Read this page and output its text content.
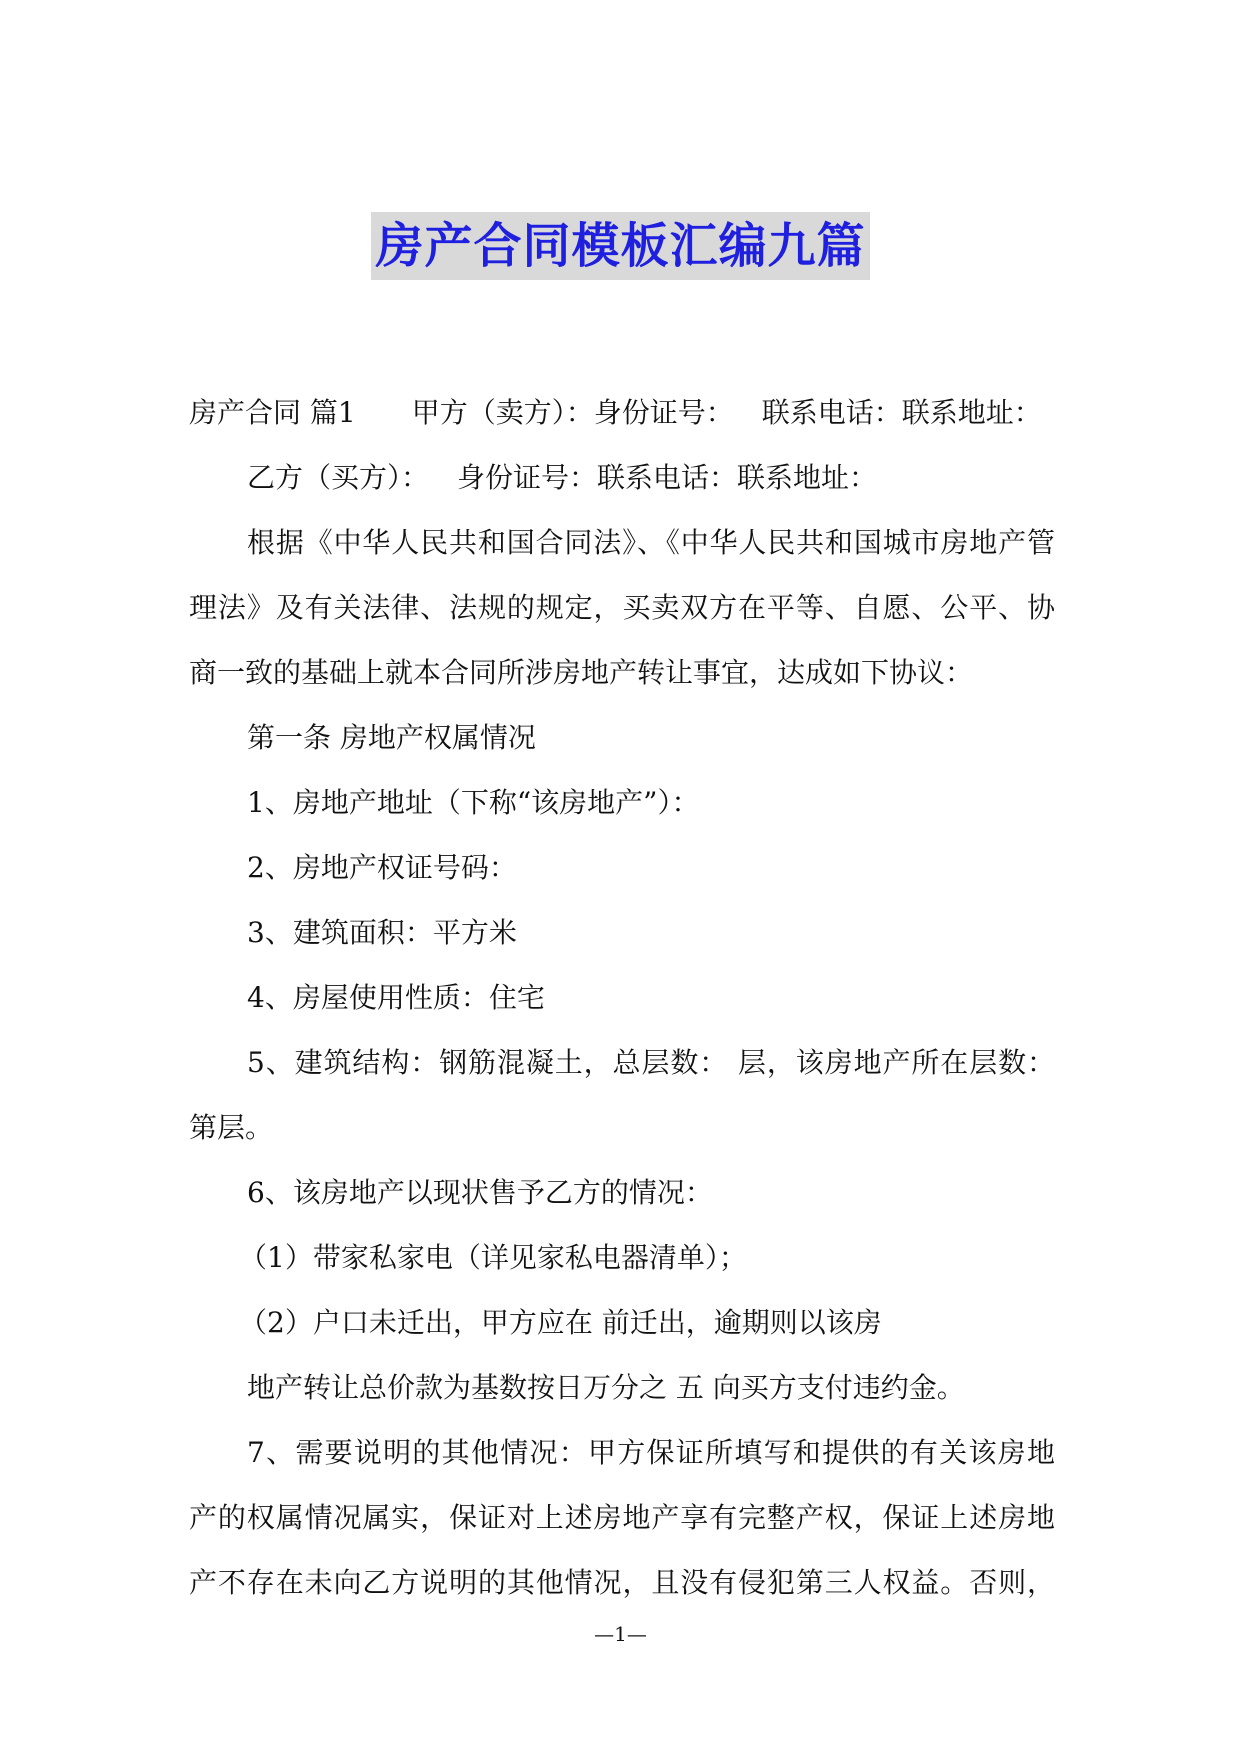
房产合同模板汇编九篇
房产合同 篇1 甲方（卖方）：身份证号： 联系电话：联系地址：
乙方（买方）： 身份证号：联系电话：联系地址：
根据《中华人民共和国合同法》、《中华人民共和国城市房地产管
理法》及有关法律、法规的规定，买卖双方在平等、自愿、公平、协
商一致的基础上就本合同所涉房地产转让事宜，达成如下协议：
第一条 房地产权属情况
1、房地产地址（下称“该房地产”）：
2、房地产权证号码：
3、建筑面积：平方米
4、房屋使用性质：住宅
5、建筑结构：钢筋混凝土，总层数： 层，该房地产所在层数：
第层。
6、该房地产以现状售予乙方的情况：
（1）带家私家电（详见家私电器清单）；
（2）户口未迁出，甲方应在 前迁出，逾期则以该房
地产转让总价款为基数按日万分之 五 向买方支付违约金。
7、需要说明的其他情况：甲方保证所填写和提供的有关该房地
产的权属情况属实，保证对上述房地产享有完整产权，保证上述房地
产不存在未向乙方说明的其他情况，且没有侵犯第三人权益。否则，
—1—
